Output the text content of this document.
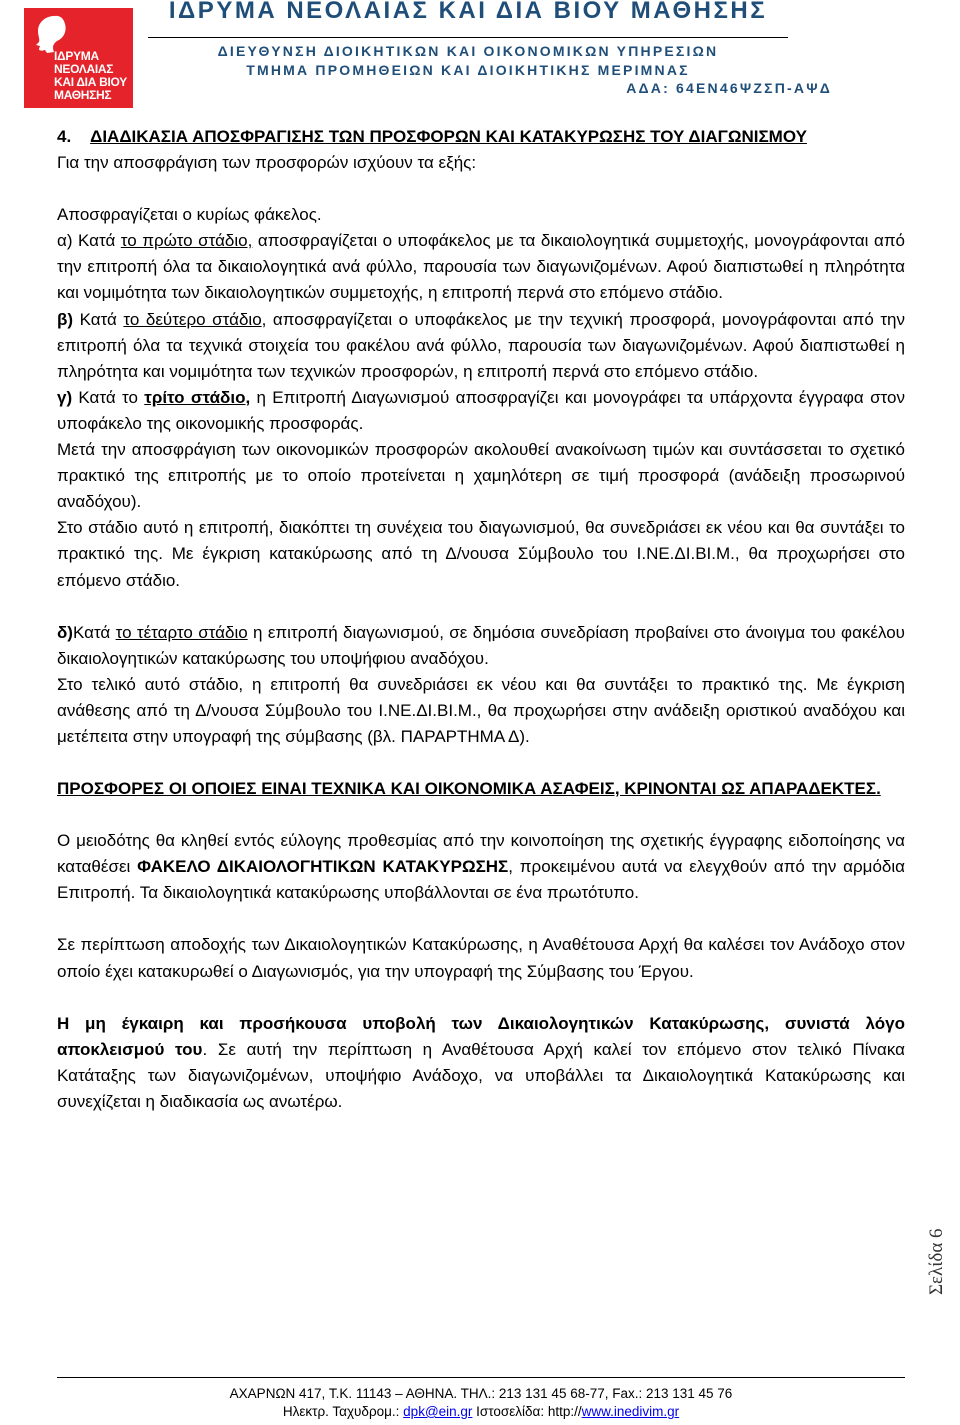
ΙΔΡΥΜΑ
ΝΕΟΛΑΙΑΣ
ΚΑΙ ΔΙΑ ΒΙΟΥ
ΜΑΘΗΣΗΣ
ΙΔΡΥΜΑ ΝΕΟΛΑΙΑΣ ΚΑΙ ΔΙΑ ΒΙΟΥ ΜΑΘΗΣΗΣ
ΔΙΕΥΘΥΝΣΗ ΔΙΟΙΚΗΤΙΚΩΝ ΚΑΙ ΟΙΚΟΝΟΜΙΚΩΝ ΥΠΗΡΕΣΙΩΝ
ΤΜΗΜΑ ΠΡΟΜΗΘΕΙΩΝ ΚΑΙ ΔΙΟΙΚΗΤΙΚΗΣ ΜΕΡΙΜΝΑΣ
ΑΔΑ: 64ΕΝ46ΨΖΣΠ-ΑΨΔ

4. ΔΙΑΔΙΚΑΣΙΑ ΑΠΟΣΦΡΑΓΙΣΗΣ ΤΩΝ ΠΡΟΣΦΟΡΩΝ ΚΑΙ ΚΑΤΑΚΥΡΩΣΗΣ ΤΟΥ ΔΙΑΓΩΝΙΣΜΟΥ

Για την αποσφράγιση των προσφορών ισχύουν τα εξής:

Αποσφραγίζεται ο κυρίως φάκελος.

α) Κατά το πρώτο στάδιο, αποσφραγίζεται ο υποφάκελος με τα δικαιολογητικά συμμετοχής, μονογράφονται από την επιτροπή όλα τα δικαιολογητικά ανά φύλλο, παρουσία των διαγωνιζομένων. Αφού διαπιστωθεί η πληρότητα και νομιμότητα των δικαιολογητικών συμμετοχής, η επιτροπή περνά στο επόμενο στάδιο.

β) Κατά το δεύτερο στάδιο, αποσφραγίζεται ο υποφάκελος με την τεχνική προσφορά, μονογράφονται από την επιτροπή όλα τα τεχνικά στοιχεία του φακέλου ανά φύλλο, παρουσία των διαγωνιζομένων. Αφού διαπιστωθεί η πληρότητα και νομιμότητα των τεχνικών προσφορών, η επιτροπή περνά στο επόμενο στάδιο.

γ) Κατά το τρίτο στάδιο, η Επιτροπή Διαγωνισμού αποσφραγίζει και μονογράφει τα υπάρχοντα έγγραφα στον υποφάκελο της οικονομικής προσφοράς.

Μετά την αποσφράγιση των οικονομικών προσφορών ακολουθεί ανακοίνωση τιμών και συντάσσεται το σχετικό πρακτικό της επιτροπής με το οποίο προτείνεται η χαμηλότερη σε τιμή προσφορά (ανάδειξη προσωρινού αναδόχου).

Στο στάδιο αυτό η επιτροπή, διακόπτει τη συνέχεια του διαγωνισμού, θα συνεδριάσει εκ νέου και θα συντάξει το πρακτικό της. Με έγκριση κατακύρωσης από τη Δ/νουσα Σύμβουλο του Ι.ΝΕ.ΔΙ.ΒΙ.Μ., θα προχωρήσει στο επόμενο στάδιο.

δ)Κατά το τέταρτο στάδιο η επιτροπή διαγωνισμού, σε δημόσια συνεδρίαση προβαίνει στο άνοιγμα του φακέλου δικαιολογητικών κατακύρωσης του υποψήφιου αναδόχου.

Στο τελικό αυτό στάδιο, η επιτροπή θα συνεδριάσει εκ νέου και θα συντάξει το πρακτικό της. Με έγκριση ανάθεσης από τη Δ/νουσα Σύμβουλο του Ι.ΝΕ.ΔΙ.ΒΙ.Μ., θα προχωρήσει στην ανάδειξη οριστικού αναδόχου και μετέπειτα στην υπογραφή της σύμβασης (βλ. ΠΑΡΑΡΤΗΜΑ Δ).

ΠΡΟΣΦΟΡΕΣ ΟΙ ΟΠΟΙΕΣ ΕΙΝΑΙ ΤΕΧΝΙΚΑ ΚΑΙ ΟΙΚΟΝΟΜΙΚΑ ΑΣΑΦΕΙΣ, ΚΡΙΝΟΝΤΑΙ ΩΣ ΑΠΑΡΑΔΕΚΤΕΣ.

Ο μειοδότης θα κληθεί εντός εύλογης προθεσμίας από την κοινοποίηση της σχετικής έγγραφης ειδοποίησης να καταθέσει ΦΑΚΕΛΟ ΔΙΚΑΙΟΛΟΓΗΤΙΚΩΝ ΚΑΤΑΚΥΡΩΣΗΣ, προκειμένου αυτά να ελεγχθούν από την αρμόδια Επιτροπή. Τα δικαιολογητικά κατακύρωσης υποβάλλονται σε ένα πρωτότυπο.

Σε περίπτωση αποδοχής των Δικαιολογητικών Κατακύρωσης, η Αναθέτουσα Αρχή θα καλέσει τον Ανάδοχο στον οποίο έχει κατακυρωθεί ο Διαγωνισμός, για την υπογραφή της Σύμβασης του Έργου.

Η μη έγκαιρη και προσήκουσα υποβολή των Δικαιολογητικών Κατακύρωσης, συνιστά λόγο αποκλεισμού του. Σε αυτή την περίπτωση η Αναθέτουσα Αρχή καλεί τον επόμενο στον τελικό Πίνακα Κατάταξης των διαγωνιζομένων, υποψήφιο Ανάδοχο, να υποβάλλει τα Δικαιολογητικά Κατακύρωσης και συνεχίζεται η διαδικασία ως ανωτέρω.

Σελίδα 6
ΑΧΑΡΝΩΝ 417, Τ.Κ. 11143 – ΑΘΗΝΑ. ΤΗΛ.: 213 131 45 68-77, Fax.: 213 131 45 76
Ηλεκτρ. Ταχυδρομ.: dpk@ein.gr Ιστοσελίδα: http://www.inedivim.gr
